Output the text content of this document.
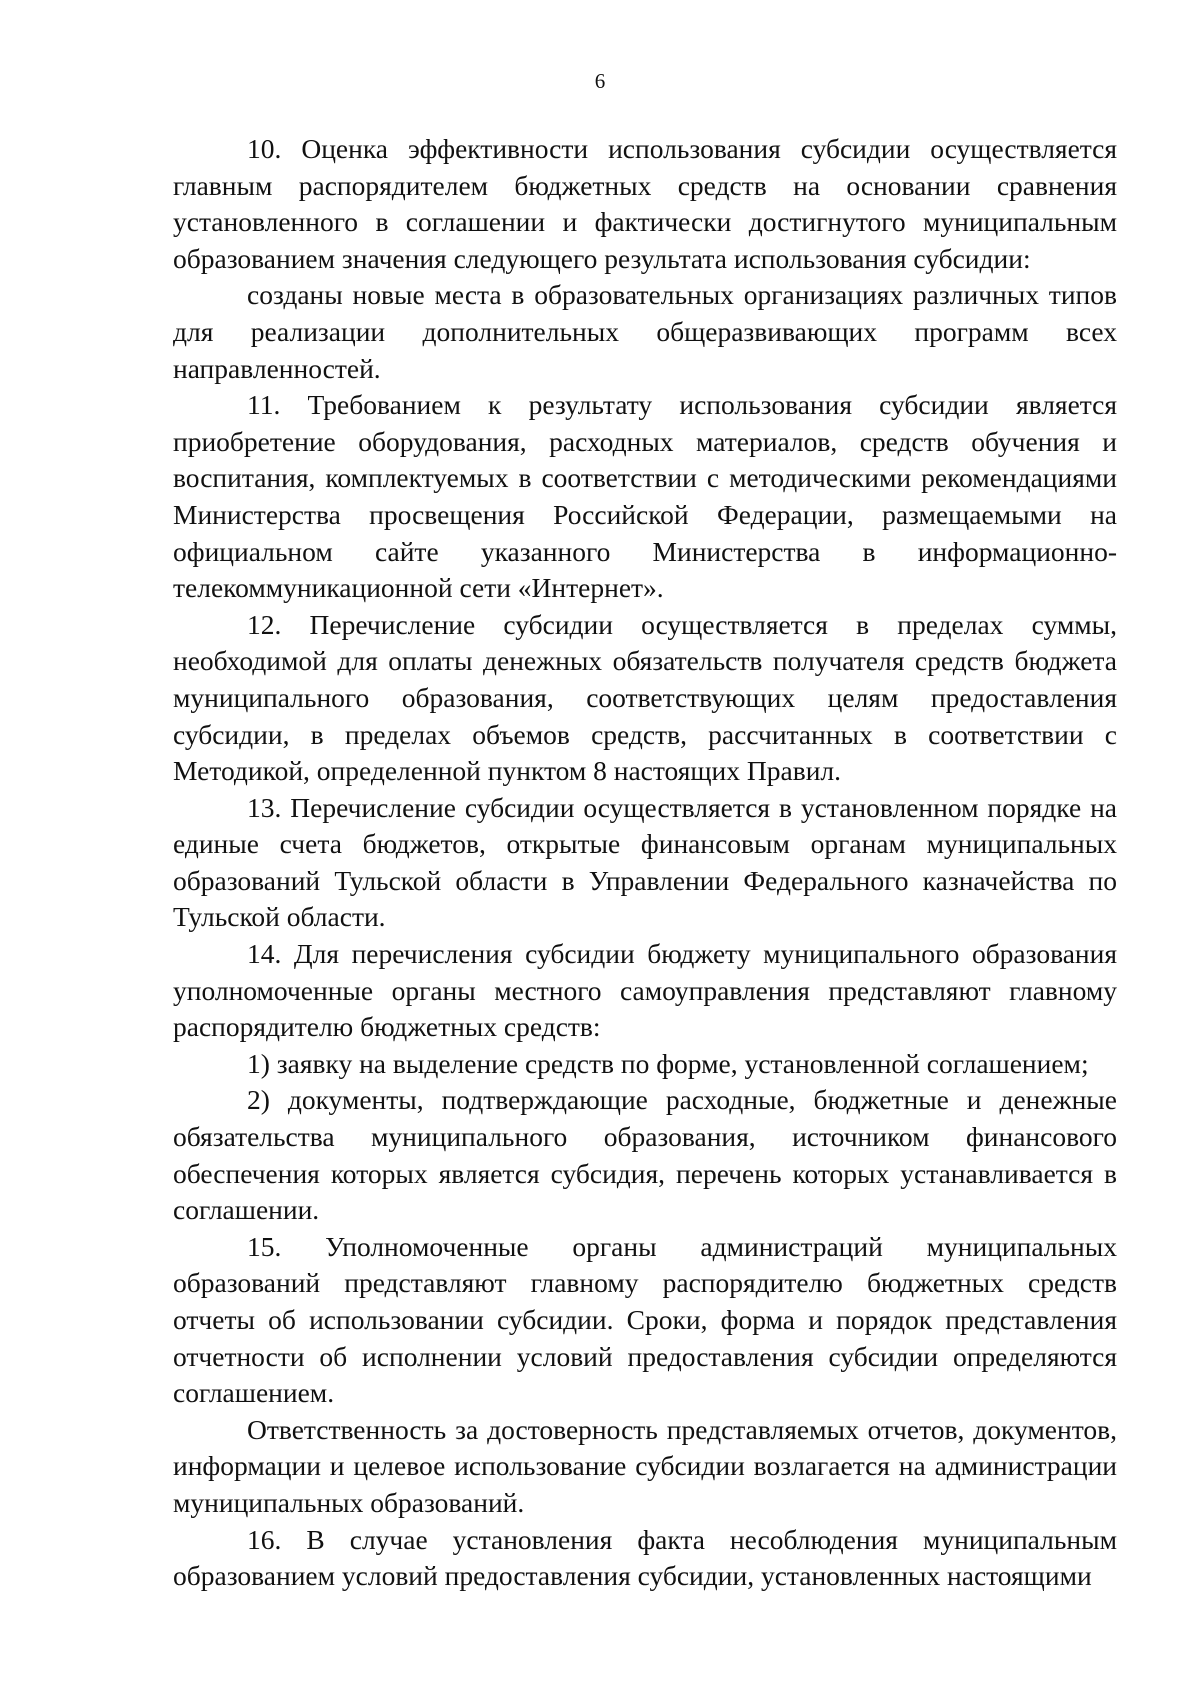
6

10. Оценка эффективности использования субсидии осуществляется главным распорядителем бюджетных средств на основании сравнения установленного в соглашении и фактически достигнутого муниципальным образованием значения следующего результата использования субсидии:

созданы новые места в образовательных организациях различных типов для реализации дополнительных общеразвивающих программ всех направленностей.

11. Требованием к результату использования субсидии является приобретение оборудования, расходных материалов, средств обучения и воспитания, комплектуемых в соответствии с методическими рекомендациями Министерства просвещения Российской Федерации, размещаемыми на официальном сайте указанного Министерства в информационно-телекоммуникационной сети «Интернет».

12. Перечисление субсидии осуществляется в пределах суммы, необходимой для оплаты денежных обязательств получателя средств бюджета муниципального образования, соответствующих целям предоставления субсидии, в пределах объемов средств, рассчитанных в соответствии с Методикой, определенной пунктом 8 настоящих Правил.

13. Перечисление субсидии осуществляется в установленном порядке на единые счета бюджетов, открытые финансовым органам муниципальных образований Тульской области в Управлении Федерального казначейства по Тульской области.

14. Для перечисления субсидии бюджету муниципального образования уполномоченные органы местного самоуправления представляют главному распорядителю бюджетных средств:

1) заявку на выделение средств по форме, установленной соглашением;

2) документы, подтверждающие расходные, бюджетные и денежные обязательства муниципального образования, источником финансового обеспечения которых является субсидия, перечень которых устанавливается в соглашении.

15. Уполномоченные органы администраций муниципальных образований представляют главному распорядителю бюджетных средств отчеты об использовании субсидии. Сроки, форма и порядок представления отчетности об исполнении условий предоставления субсидии определяются соглашением.

Ответственность за достоверность представляемых отчетов, документов, информации и целевое использование субсидии возлагается на администрации муниципальных образований.

16. В случае установления факта несоблюдения муниципальным образованием условий предоставления субсидии, установленных настоящими
